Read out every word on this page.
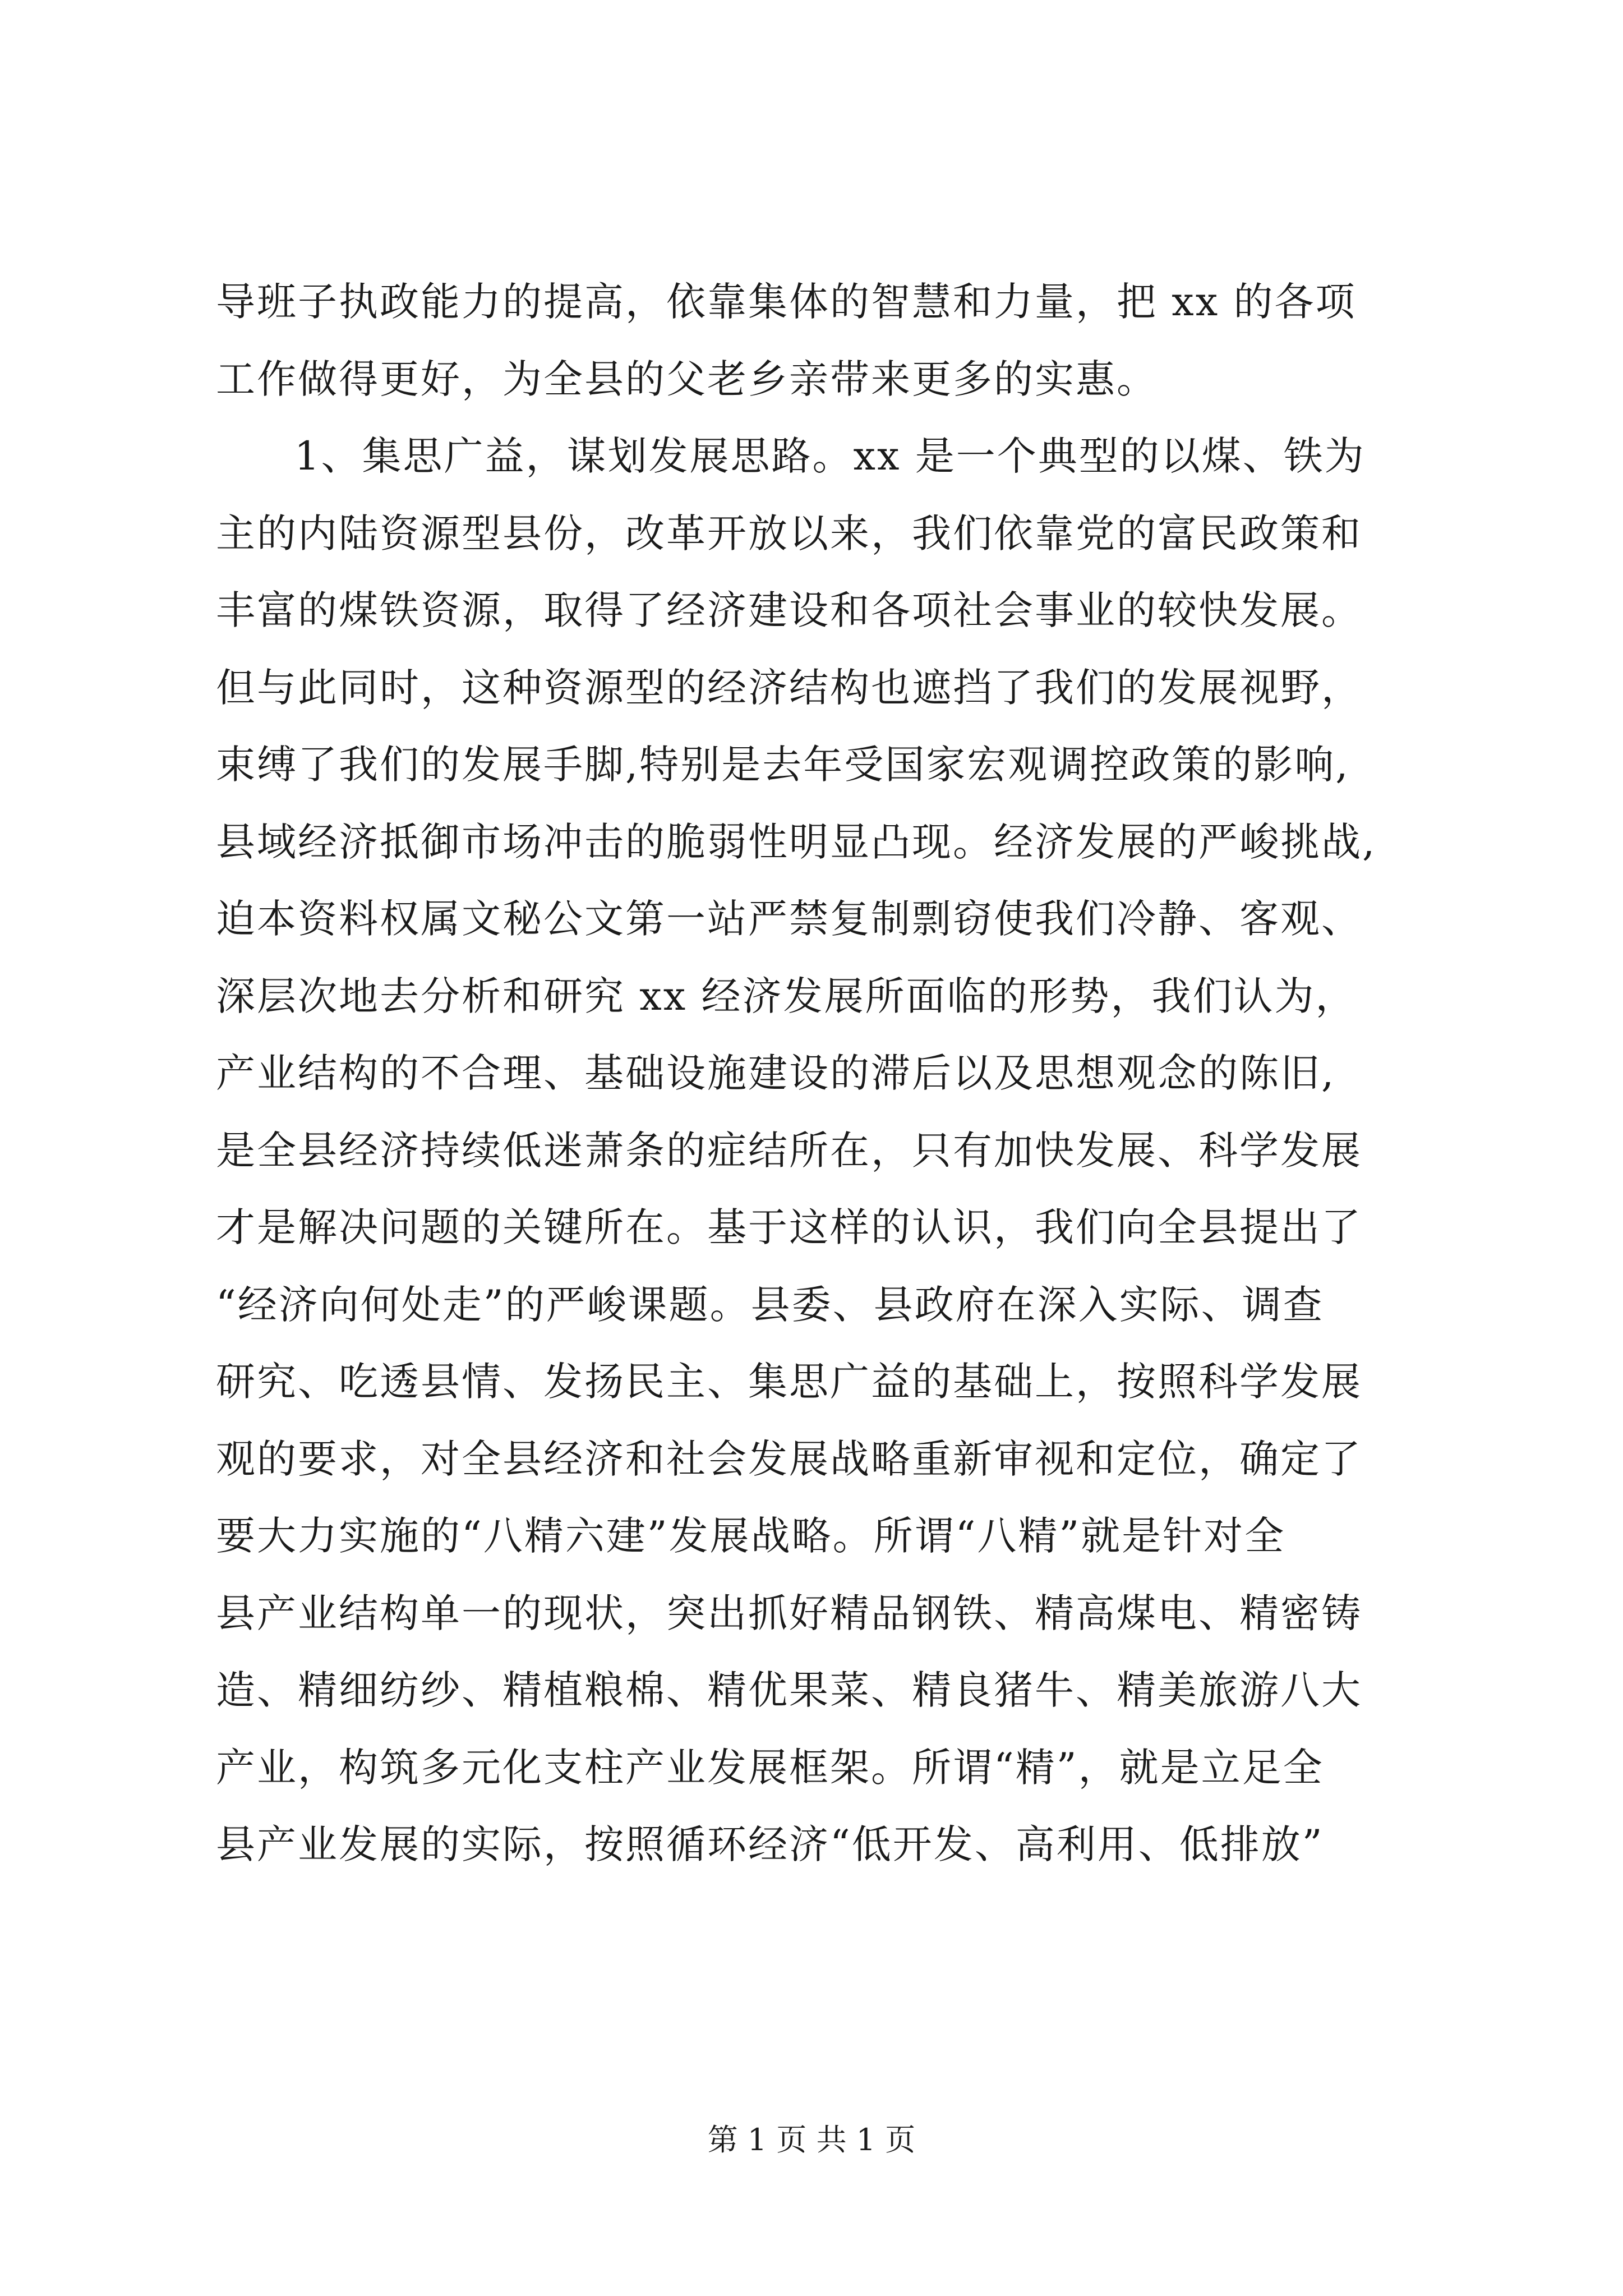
导班子执政能力的提高，依靠集体的智慧和力量，把 xx 的各项
工作做得更好，为全县的父老乡亲带来更多的实惠。
1、集思广益，谋划发展思路。xx 是一个典型的以煤、铁为
主的内陆资源型县份，改革开放以来，我们依靠党的富民政策和
丰富的煤铁资源，取得了经济建设和各项社会事业的较快发展。
但与此同时，这种资源型的经济结构也遮挡了我们的发展视野，
束缚了我们的发展手脚,特别是去年受国家宏观调控政策的影响,
县域经济抵御市场冲击的脆弱性明显凸现。经济发展的严峻挑战,
迫本资料权属文秘公文第一站严禁复制剽窃使我们冷静、客观、
深层次地去分析和研究 xx 经济发展所面临的形势，我们认为，
产业结构的不合理、基础设施建设的滞后以及思想观念的陈旧,
是全县经济持续低迷萧条的症结所在，只有加快发展、科学发展
才是解决问题的关键所在。基于这样的认识，我们向全县提出了
“经济向何处走”的严峻课题。县委、县政府在深入实际、调查
研究、吃透县情、发扬民主、集思广益的基础上，按照科学发展
观的要求，对全县经济和社会发展战略重新审视和定位，确定了
要大力实施的“八精六建”发展战略。所谓“八精”就是针对全
县产业结构单一的现状，突出抓好精品钢铁、精高煤电、精密铸
造、精细纺纱、精植粮棉、精优果菜、精良猪牛、精美旅游八大
产业，构筑多元化支柱产业发展框架。所谓“精”，就是立足全
县产业发展的实际，按照循环经济“低开发、高利用、低排放”
第 1 页 共 1 页
